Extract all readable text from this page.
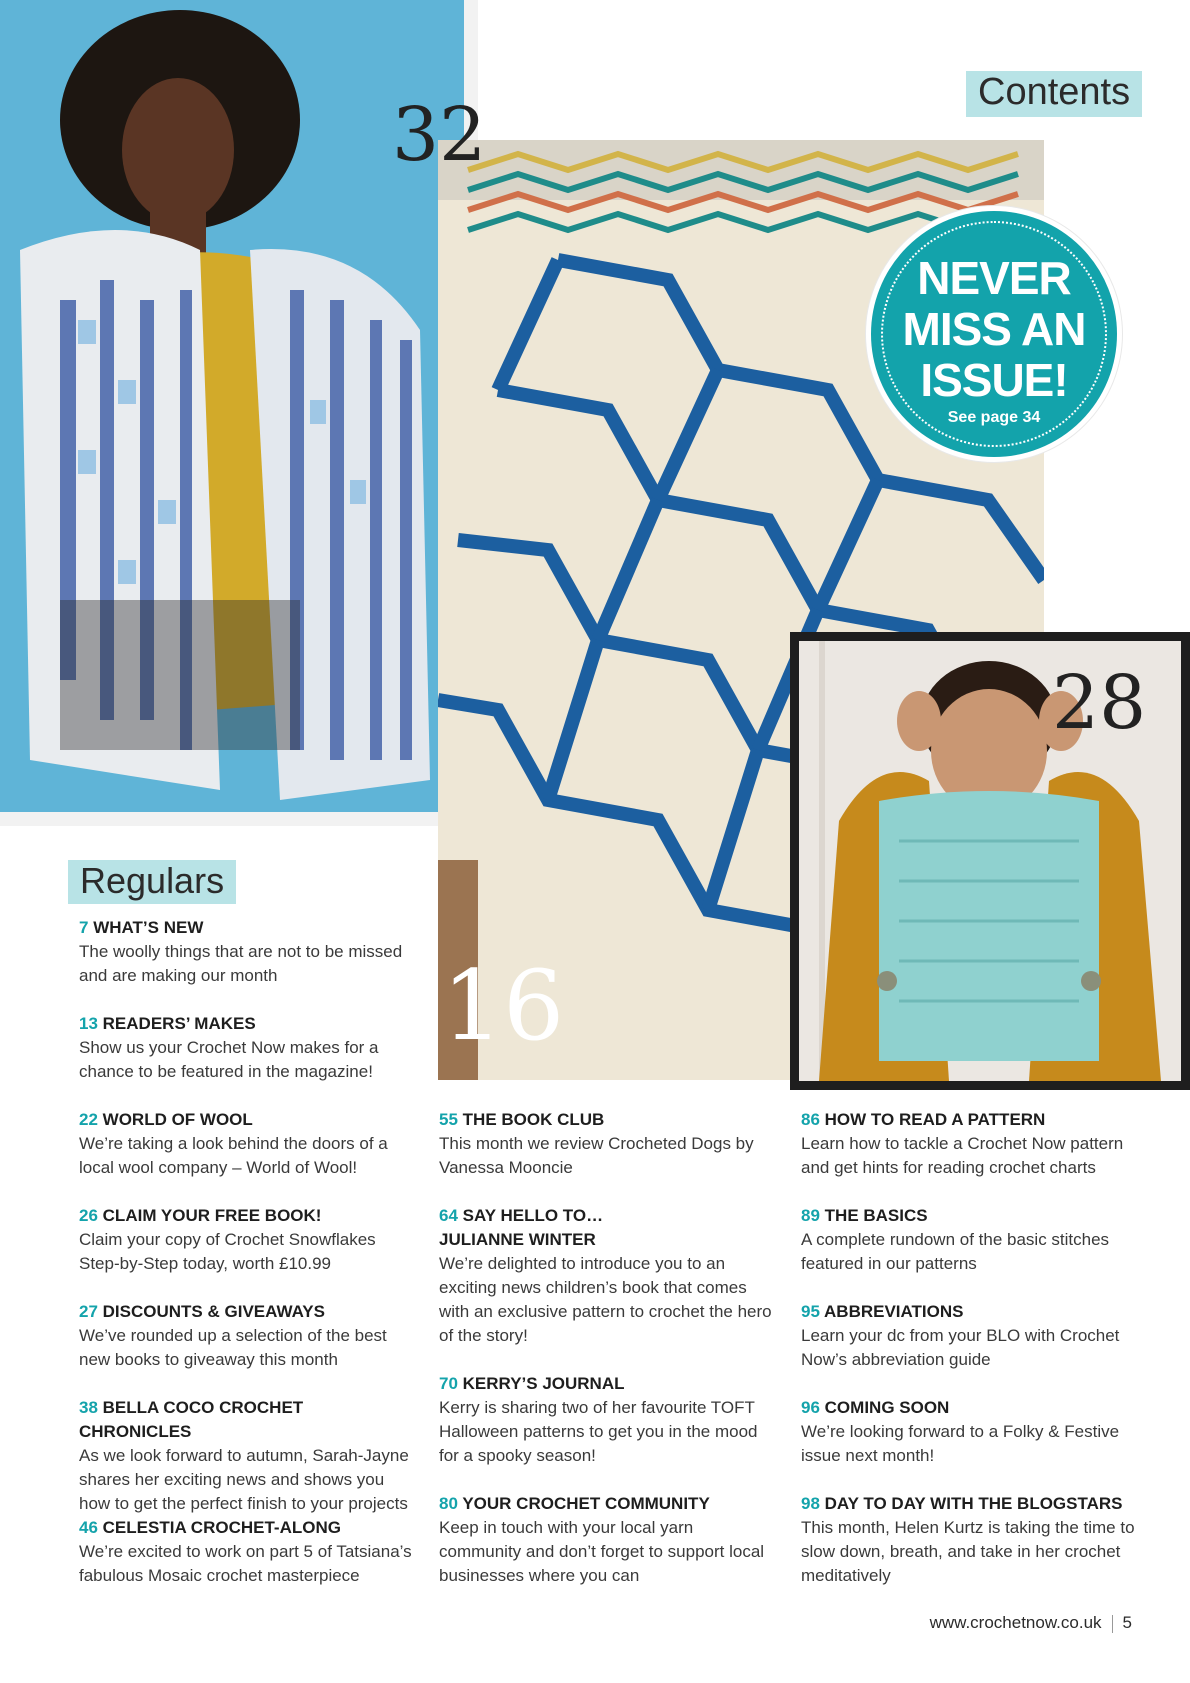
32
28
16
Contents
NEVER
MISS AN
ISSUE!
See page 34
Regulars
7 WHAT’S NEW
The woolly things that are not to be missed and are making our month
13 READERS’ MAKES
Show us your Crochet Now makes for a chance to be featured in the magazine!
22 WORLD OF WOOL
We’re taking a look behind the doors of a local wool company – World of Wool!
26 CLAIM YOUR FREE BOOK!
Claim your copy of Crochet Snowflakes Step-by-Step today, worth £10.99
27 DISCOUNTS & GIVEAWAYS
We’ve rounded up a selection of the best new books to giveaway this month
38 BELLA COCO CROCHET CHRONICLES
As we look forward to autumn, Sarah-Jayne shares her exciting news and shows you how to get the perfect finish to your projects
46 CELESTIA CROCHET-ALONG
We’re excited to work on part 5 of Tatsiana’s fabulous Mosaic crochet masterpiece
55 THE BOOK CLUB
This month we review Crocheted Dogs by Vanessa Mooncie
64 SAY HELLO TO… JULIANNE WINTER
We’re delighted to introduce you to an exciting news children’s book that comes with an exclusive pattern to crochet the hero of the story!
70 KERRY’S JOURNAL
Kerry is sharing two of her favourite TOFT Halloween patterns to get you in the mood for a spooky season!
80 YOUR CROCHET COMMUNITY
Keep in touch with your local yarn community and don’t forget to support local businesses where you can
86 HOW TO READ A PATTERN
Learn how to tackle a Crochet Now pattern and get hints for reading crochet charts
89 THE BASICS
A complete rundown of the basic stitches featured in our patterns
95 ABBREVIATIONS
Learn your dc from your BLO with Crochet Now’s abbreviation guide
96 COMING SOON
We’re looking forward to a Folky & Festive issue next month!
98 DAY TO DAY WITH THE BLOGSTARS
This month, Helen Kurtz is taking the time to slow down, breath, and take in her crochet meditatively
www.crochetnow.co.uk 5
